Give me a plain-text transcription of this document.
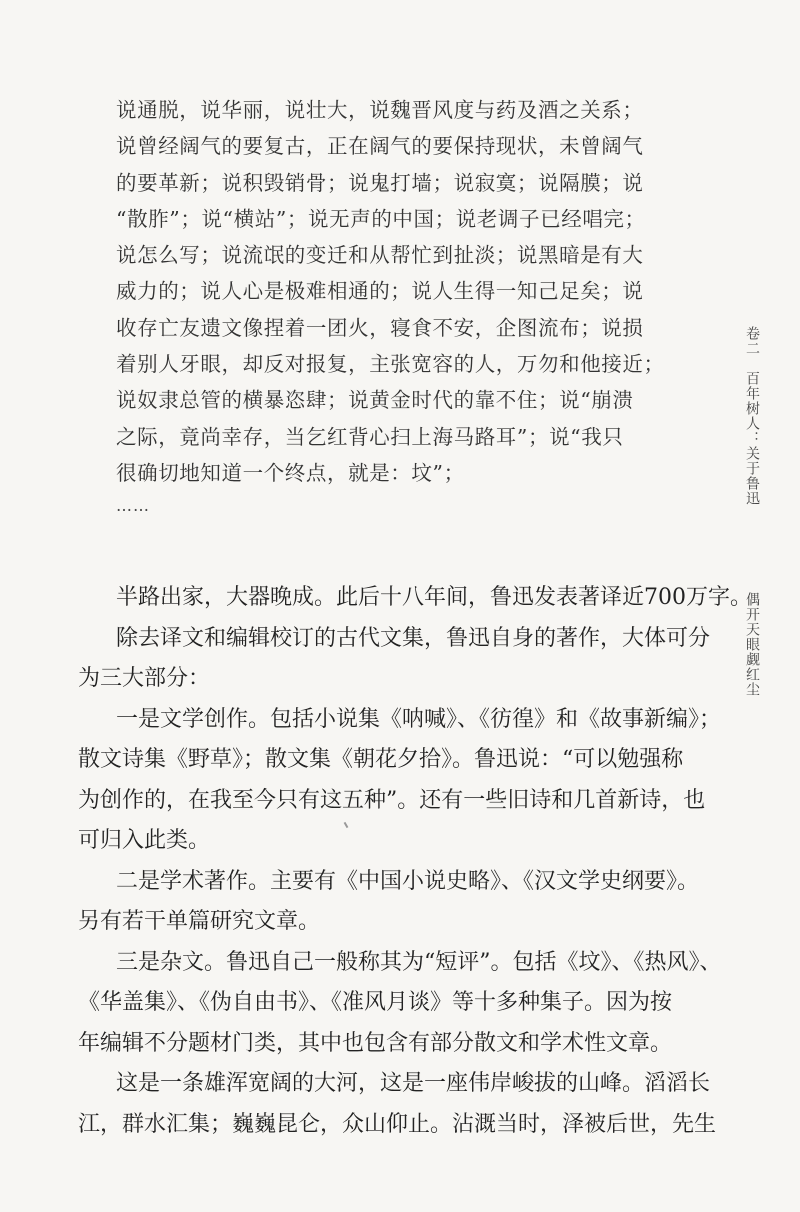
说通脱，说华丽，说壮大，说魏晋风度与药及酒之关系；
说曾经阔气的要复古，正在阔气的要保持现状，未曾阔气
的要革新；说积毁销骨；说鬼打墙；说寂寞；说隔膜；说
“散胙”；说“横站”；说无声的中国；说老调子已经唱完；
说怎么写；说流氓的变迁和从帮忙到扯淡；说黑暗是有大
威力的；说人心是极难相通的；说人生得一知己足矣；说
收存亡友遗文像捏着一团火，寝食不安，企图流布；说损
着别人牙眼，却反对报复，主张宽容的人，万勿和他接近；
说奴隶总管的横暴恣肆；说黄金时代的靠不住；说“崩溃
之际，竟尚幸存，当乞红背心扫上海马路耳”；说“我只
很确切地知道一个终点，就是：坟”；
……
半路出家，大器晚成。此后十八年间，鲁迅发表著译近700万字。
除去译文和编辑校订的古代文集，鲁迅自身的著作，大体可分
为三大部分：
一是文学创作。包括小说集《呐喊》、《彷徨》和《故事新编》；
散文诗集《野草》；散文集《朝花夕拾》。鲁迅说：“可以勉强称
为创作的，在我至今只有这五种”。还有一些旧诗和几首新诗，也
可归入此类。
二是学术著作。主要有《中国小说史略》、《汉文学史纲要》。
另有若干单篇研究文章。
三是杂文。鲁迅自己一般称其为“短评”。包括《坟》、《热风》、
《华盖集》、《伪自由书》、《准风月谈》等十多种集子。因为按
年编辑不分题材门类，其中也包含有部分散文和学术性文章。
这是一条雄浑宽阔的大河，这是一座伟岸峻拔的山峰。滔滔长
江，群水汇集；巍巍昆仑，众山仰止。沾溉当时，泽被后世，先生
卷二　百年树人：关于鲁迅
偶开天眼觑红尘
